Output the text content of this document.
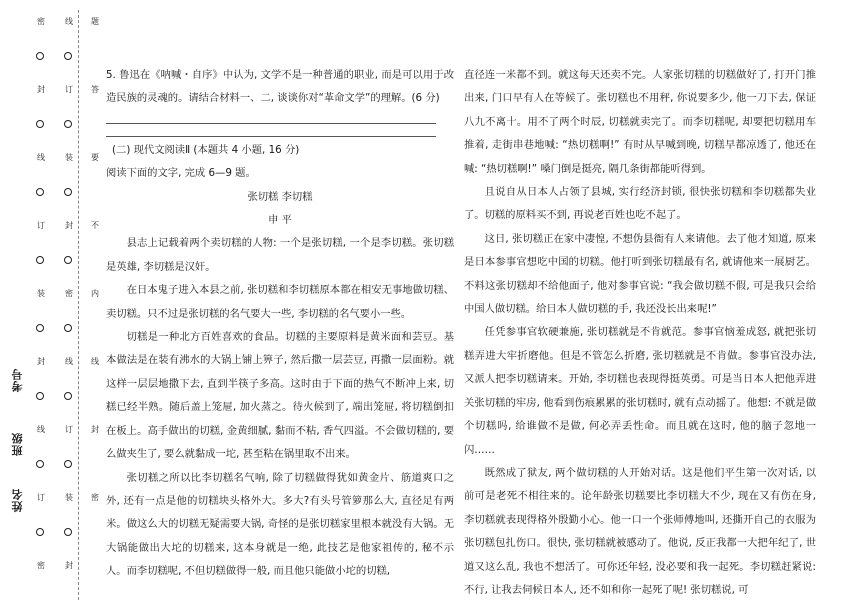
密
封
线
订
装
封
线
订
密
线
订
装
封
密
线
订
装
封
题
答
要
不
内
线
封
密
姓名
班级
考号

5. 鲁迅在《呐喊・自序》中认为, 文学不是一种普通的职业, 而是可以用于改造民族的灵魂的。请结合材料一、二, 谈谈你对“革命文学”的理解。(6 分)

(二) 现代文阅读Ⅱ (本题共 4 小题, 16 分)

阅读下面的文字, 完成 6—9 题。

张切糕 李切糕

申 平

县志上记载着两个卖切糕的人物: 一个是张切糕, 一个是李切糕。张切糕是英雄, 李切糕是汉奸。

在日本鬼子进入本县之前, 张切糕和李切糕原本都在相安无事地做切糕、卖切糕。只不过是张切糕的名气要大一些, 李切糕的名气要小一些。

切糕是一种北方百姓喜欢的食品。切糕的主要原料是黄米面和芸豆。基本做法是在装有沸水的大锅上铺上箅子, 然后撒一层芸豆, 再撒一层面粉。就这样一层层地撒下去, 直到半筷子多高。这时由于下面的热气不断冲上来, 切糕已经半熟。随后盖上笼屉, 加火蒸之。待火候到了, 端出笼屉, 将切糕倒扣在板上。高手做出的切糕, 金黄细腻, 黏而不粘, 香气四溢。不会做切糕的, 要么做夹生了, 要么就黏成一坨, 甚至粘在锅里取不出来。

张切糕之所以比李切糕名气响, 除了切糕做得犹如黄金片、筋道爽口之外, 还有一点是他的切糕块头格外大。多大?有头号管箩那么大, 直径足有两米。做这么大的切糕无疑需要大锅, 奇怪的是张切糕家里根本就没有大锅。无大锅能做出大坨的切糕来, 这本身就是一绝, 此技艺是他家祖传的, 秘不示人。而李切糕呢, 不但切糕做得一般, 而且他只能做小坨的切糕,

直径连一米都不到。就这每天还卖不完。人家张切糕的切糕做好了, 打开门推出来, 门口早有人在等候了。张切糕也不用秤, 你说要多少, 他一刀下去, 保证八九不离十。用不了两个时辰, 切糕就卖完了。而李切糕呢, 却要把切糕用车推着, 走街串巷地喊: “热切糕啊!” 有时从早喊到晚, 切糕早都凉透了, 他还在喊: “热切糕啊!” 嗓门倒是挺亮, 隔几条街都能听得到。

且说自从日本人占领了县城, 实行经济封锁, 很快张切糕和李切糕都失业了。切糕的原料买不到, 再说老百姓也吃不起了。

这日, 张切糕正在家中凄惶, 不想伪县衙有人来请他。去了他才知道, 原来是日本参事官想吃中国的切糕。他打听到张切糕最有名, 就请他来一展厨艺。不料这张切糕却不给他面子, 他对参事官说: “我会做切糕不假, 可是我只会给中国人做切糕。给日本人做切糕的手, 我还没长出来呢!”

任凭参事官软硬兼施, 张切糕就是不肯就范。参事官恼羞成怒, 就把张切糕弄进大牢折磨他。但是不管怎么折磨, 张切糕就是不肯做。参事官没办法, 又派人把李切糕请来。开始, 李切糕也表现得挺英勇。可是当日本人把他弄进关张切糕的牢房, 他看到伤痕累累的张切糕时, 就有点动摇了。他想: 不就是做个切糕吗, 给谁做不是做, 何必弄丢性命。而且就在这时, 他的脑子忽地一闪……

既然成了狱友, 两个做切糕的人开始对话。这是他们平生第一次对话, 以前可是老死不相往来的。论年龄张切糕要比李切糕大不少, 现在又有伤在身, 李切糕就表现得格外殷勤小心。他一口一个张师傅地叫, 还撕开自己的衣服为张切糕包扎伤口。很快, 张切糕就被感动了。他说, 反正我都一大把年纪了, 世道又这么乱, 我也不想活了。可你还年轻, 没必要和我一起死。李切糕赶紧说: 不行, 让我去伺候日本人, 还不如和你一起死了呢! 张切糕说, 可
